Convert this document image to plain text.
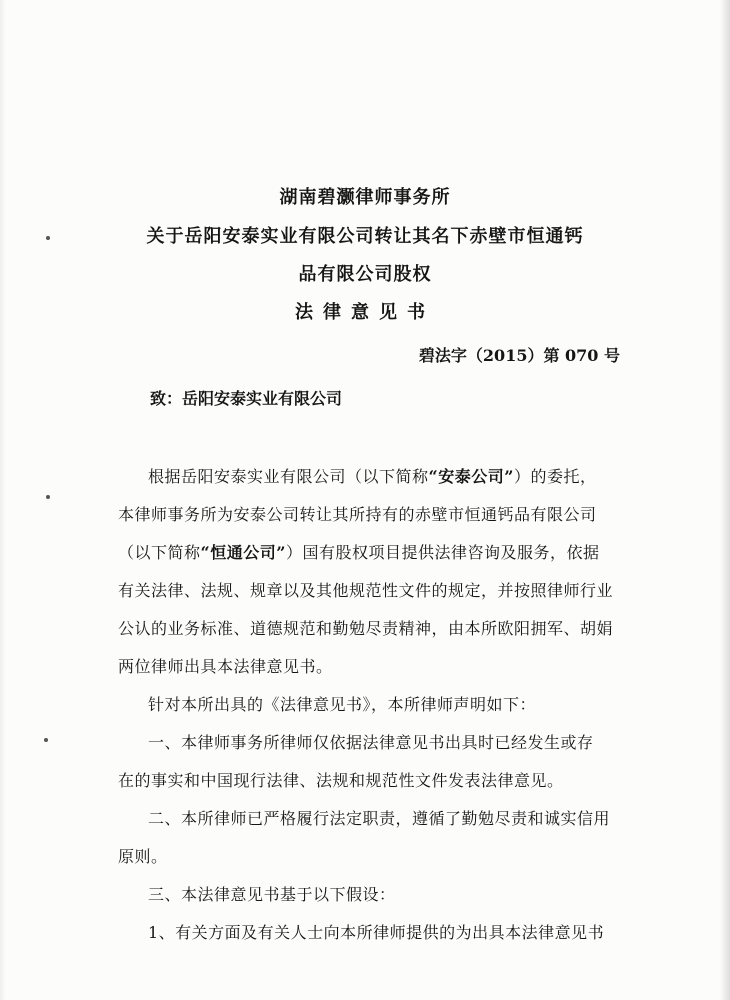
湖南碧灏律师事务所
关于岳阳安泰实业有限公司转让其名下赤壁市恒通钙
品有限公司股权
法律意见书
碧法字（2015）第 070 号
致：岳阳安泰实业有限公司
根据岳阳安泰实业有限公司（以下简称“安泰公司”）的委托，
本律师事务所为安泰公司转让其所持有的赤壁市恒通钙品有限公司
（以下简称“恒通公司”）国有股权项目提供法律咨询及服务，依据
有关法律、法规、规章以及其他规范性文件的规定，并按照律师行业
公认的业务标准、道德规范和勤勉尽责精神，由本所欧阳拥军、胡娟
两位律师出具本法律意见书。
针对本所出具的《法律意见书》，本所律师声明如下：
一、本律师事务所律师仅依据法律意见书出具时已经发生或存
在的事实和中国现行法律、法规和规范性文件发表法律意见。
二、本所律师已严格履行法定职责，遵循了勤勉尽责和诚实信用
原则。
三、本法律意见书基于以下假设：
1、有关方面及有关人士向本所律师提供的为出具本法律意见书
